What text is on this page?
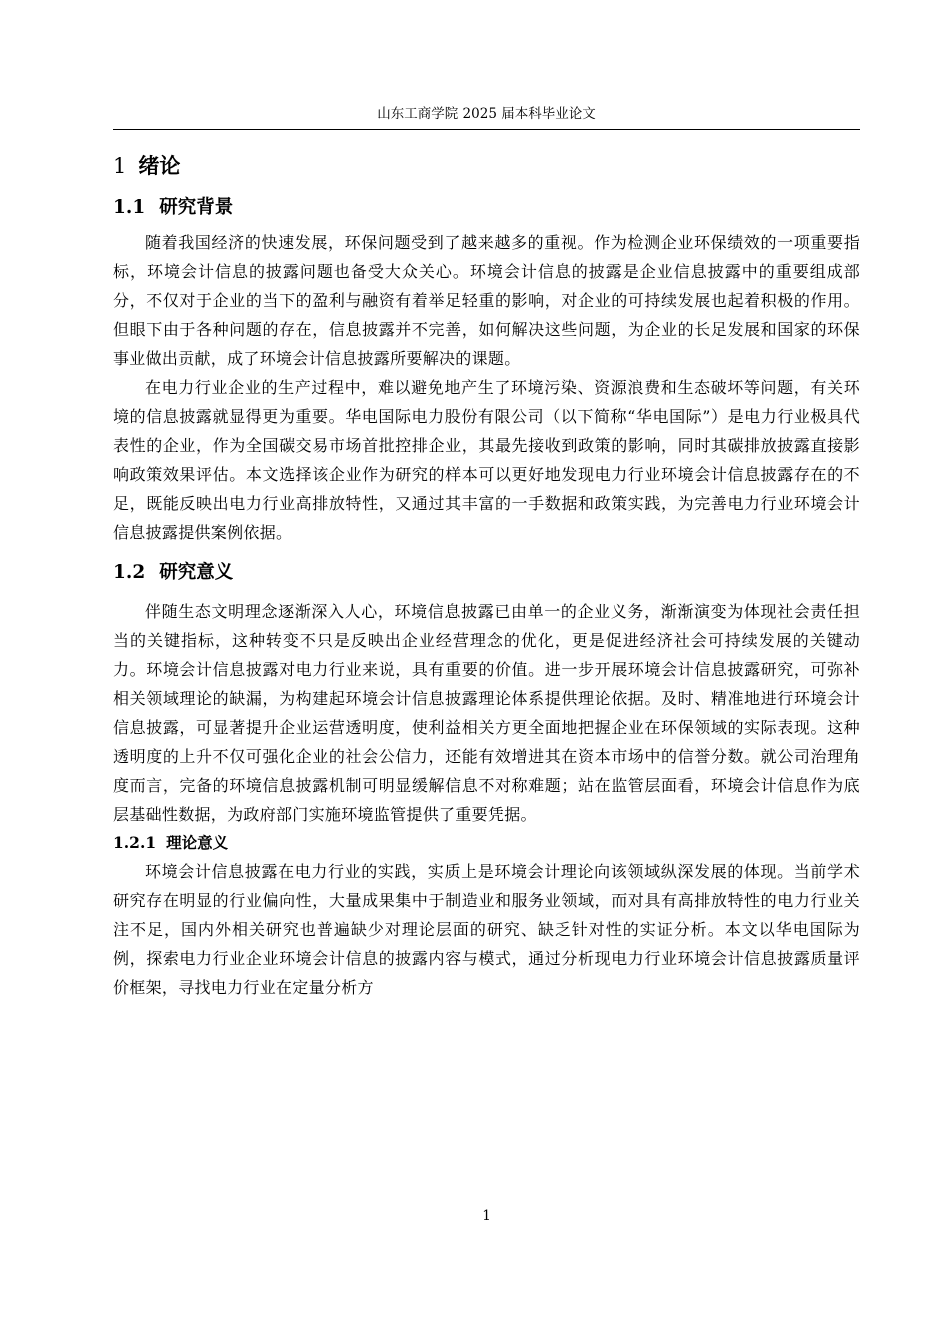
山东工商学院 2025 届本科毕业论文
1 绪论
1.1 研究背景

随着我国经济的快速发展，环保问题受到了越来越多的重视。作为检测企业环保绩效的一项重要指标，环境会计信息的披露问题也备受大众关心。环境会计信息的披露是企业信息披露中的重要组成部分，不仅对于企业的当下的盈利与融资有着举足轻重的影响，对企业的可持续发展也起着积极的作用。但眼下由于各种问题的存在，信息披露并不完善，如何解决这些问题，为企业的长足发展和国家的环保事业做出贡献，成了环境会计信息披露所要解决的课题。

在电力行业企业的生产过程中，难以避免地产生了环境污染、资源浪费和生态破坏等问题，有关环境的信息披露就显得更为重要。华电国际电力股份有限公司（以下简称“华电国际”）是电力行业极具代表性的企业，作为全国碳交易市场首批控排企业，其最先接收到政策的影响，同时其碳排放披露直接影响政策效果评估。本文选择该企业作为研究的样本可以更好地发现电力行业环境会计信息披露存在的不足，既能反映出电力行业高排放特性，又通过其丰富的一手数据和政策实践，为完善电力行业环境会计信息披露提供案例依据。

1.2 研究意义

伴随生态文明理念逐渐深入人心，环境信息披露已由单一的企业义务，渐渐演变为体现社会责任担当的关键指标，这种转变不只是反映出企业经营理念的优化，更是促进经济社会可持续发展的关键动力。环境会计信息披露对电力行业来说，具有重要的价值。进一步开展环境会计信息披露研究，可弥补相关领域理论的缺漏，为构建起环境会计信息披露理论体系提供理论依据。及时、精准地进行环境会计信息披露，可显著提升企业运营透明度，使利益相关方更全面地把握企业在环保领域的实际表现。这种透明度的上升不仅可强化企业的社会公信力，还能有效增进其在资本市场中的信誉分数。就公司治理角度而言，完备的环境信息披露机制可明显缓解信息不对称难题；站在监管层面看，环境会计信息作为底层基础性数据，为政府部门实施环境监管提供了重要凭据。

1.2.1 理论意义

环境会计信息披露在电力行业的实践，实质上是环境会计理论向该领域纵深发展的体现。当前学术研究存在明显的行业偏向性，大量成果集中于制造业和服务业领域，而对具有高排放特性的电力行业关注不足，国内外相关研究也普遍缺少对理论层面的研究、缺乏针对性的实证分析。本文以华电国际为例，探索电力行业企业环境会计信息的披露内容与模式，通过分析现电力行业环境会计信息披露质量评价框架，寻找电力行业在定量分析方

1
